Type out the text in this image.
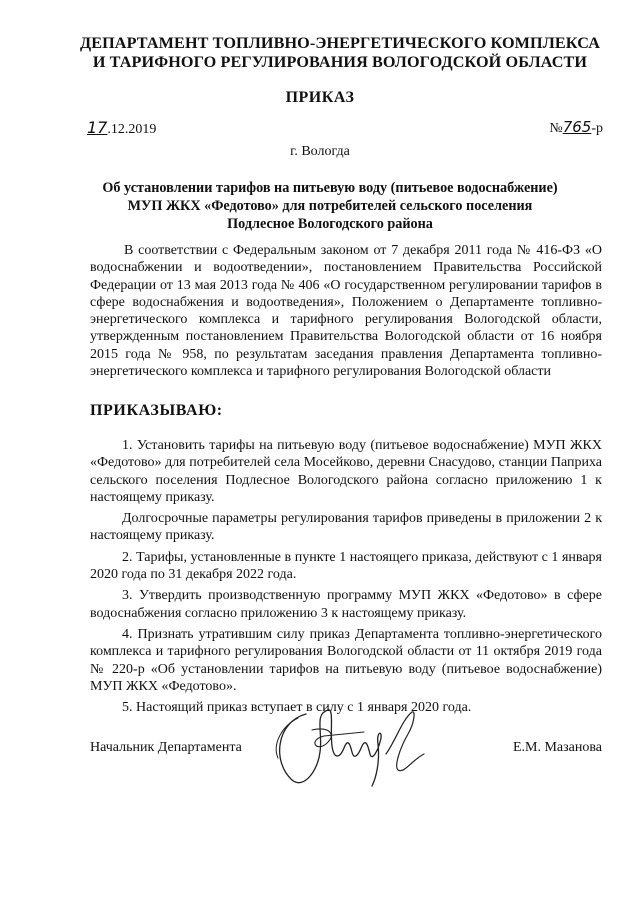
ДЕПАРТАМЕНТ ТОПЛИВНО-ЭНЕРГЕТИЧЕСКОГО КОМПЛЕКСА
И ТАРИФНОГО РЕГУЛИРОВАНИЯ ВОЛОГОДСКОЙ ОБЛАСТИ
ПРИКАЗ
17.12.2019	№765-р
г. Вологда
Об установлении тарифов на питьевую воду (питьевое водоснабжение)
МУП ЖКХ «Федотово» для потребителей сельского поселения
Подлесное Вологодского района
В соответствии с Федеральным законом от 7 декабря 2011 года № 416-ФЗ «О водоснабжении и водоотведении», постановлением Правительства Российской Федерации от 13 мая 2013 года № 406 «О государственном регулировании тарифов в сфере водоснабжения и водоотведения», Положением о Департаменте топливно-энергетического комплекса и тарифного регулирования Вологодской области, утвержденным постановлением Правительства Вологодской области от 16 ноября 2015 года № 958, по результатам заседания правления Департамента топливно-энергетического комплекса и тарифного регулирования Вологодской области
ПРИКАЗЫВАЮ:

1. Установить тарифы на питьевую воду (питьевое водоснабжение) МУП ЖКХ «Федотово» для потребителей села Мосейково, деревни Снасудово, станции Паприха сельского поселения Подлесное Вологодского района согласно приложению 1 к настоящему приказу.

Долгосрочные параметры регулирования тарифов приведены в приложении 2 к настоящему приказу.

2. Тарифы, установленные в пункте 1 настоящего приказа, действуют с 1 января 2020 года по 31 декабря 2022 года.

3. Утвердить производственную программу МУП ЖКХ «Федотово» в сфере водоснабжения согласно приложению 3 к настоящему приказу.

4. Признать утратившим силу приказ Департамента топливно-энергетического комплекса и тарифного регулирования Вологодской области от 11 октября 2019 года № 220-р «Об установлении тарифов на питьевую воду (питьевое водоснабжение) МУП ЖКХ «Федотово».

5. Настоящий приказ вступает в силу с 1 января 2020 года.

Начальник Департамента	Е.М. Мазанова
